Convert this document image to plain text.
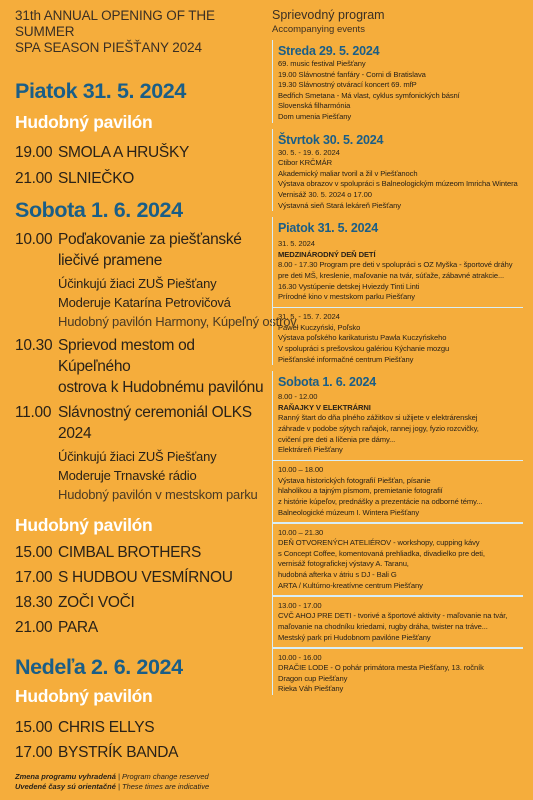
31th ANNUAL OPENING OF THE SUMMER
SPA SEASON PIEŠŤANY 2024
Piatok 31. 5. 2024
Hudobný pavilón
19.00 SMOLA A HRUŠKY
21.00 SLNIEČKO
Sobota 1. 6. 2024
10.00 Poďakovanie za piešťanské
liečivé pramene
Účinkujú žiaci ZUŠ Piešťany
Moderuje Katarína Petrovičová
Hudobný pavilón Harmony, Kúpeľný ostrov
10.30 Sprievod mestom od Kúpeľného
ostrova k Hudobnému pavilónu
11.00 Slávnostný ceremoniál OLKS 2024
Účinkujú žiaci ZUŠ Piešťany
Moderuje Trnavské rádio
Hudobný pavilón v mestskom parku
Hudobný pavilón
15.00 CIMBAL BROTHERS
17.00 S HUDBOU VESMÍRNOU
18.30 ZOČI VOČI
21.00 PARA
Nedeľa 2. 6. 2024
Hudobný pavilón
15.00 CHRIS ELLYS
17.00 BYSTRÍK BANDA
Zmena programu vyhradená | Program change reserved
Uvedené časy sú orientačné | These times are indicative
Sprievodný program
Accompanying events
Streda 29. 5. 2024
69. music festival Piešťany
19.00 Slávnostné fanfáry - Corni di Bratislava
19.30 Slávnostný otvárací koncert 69. mfP
Bedřich Smetana - Má vlast, cyklus symfonických básní
Slovenská filharmónia
Dom umenia Piešťany
Štvrtok 30. 5. 2024
30. 5. - 19. 6. 2024
Ctibor KRČMÁR
Akademický maliar tvoril a žil v Piešťanoch
Výstava obrazov v spolupráci s Balneologickým múzeom Imricha Wintera
Vernisáž 30. 5. 2024 o 17.00
Výstavná sieň Stará lekáreň Piešťany
Piatok 31. 5. 2024
31. 5. 2024
MEDZINÁRODNÝ DEŇ DETÍ
8.00 - 17.30 Program pre deti v spolupráci s OZ Myška - športové dráhy
pre deti MŠ, kreslenie, maľovanie na tvár, súťaže, zábavné atrakcie...
16.30 Vystúpenie detskej Hviezdy Tinti Linti
Prírodné kino v mestskom parku Piešťany
31. 5. - 15. 7. 2024
Paweł Kuczyński, Poľsko
Výstava poľského karikaturistu Pawla Kuczyńskeho
V spolupráci s prešovskou galériou Kýchanie mozgu
Piešťanské informačné centrum Piešťany
Sobota 1. 6. 2024
8.00 - 12.00
RAŇAJKY V ELEKTRÁRNI
Ranný štart do dňa plného zážitkov si užijete v elektrárenskej
záhrade v podobe sýtych raňajok, rannej jogy, fyzio rozcvičky,
cvičení pre deti a líčenia pre dámy...
Elektráreň Piešťany
10.00 – 18.00
Výstava historických fotografií Piešťan, písanie
hlaholikou a tajným písmom, premietanie fotografií
z histórie kúpeľov, prednášky a prezentácie na odborné témy...
Balneologické múzeum I. Wintera Piešťany
10.00 – 21.30
DEŇ OTVORENÝCH ATELIÉROV - workshopy, cupping kávy
s Concept Coffee, komentovaná prehliadka, divadielko pre deti,
vernisáž fotografickej výstavy A. Taranu,
hudobná afterka v átriu s DJ - Bali G
ARTA / Kultúrno-kreatívne centrum Piešťany
13.00 - 17.00
CVČ AHOJ PRE DETI - tvorivé a športové aktivity - maľovanie na tvár,
maľovanie na chodníku kriedami, rugby dráha, twister na tráve...
Mestský park pri Hudobnom pavilóne Piešťany
10.00 - 16.00
DRAČIE LODE - O pohár primátora mesta Piešťany, 13. ročník
Dragon cup Piešťany
Rieka Váh Piešťany
